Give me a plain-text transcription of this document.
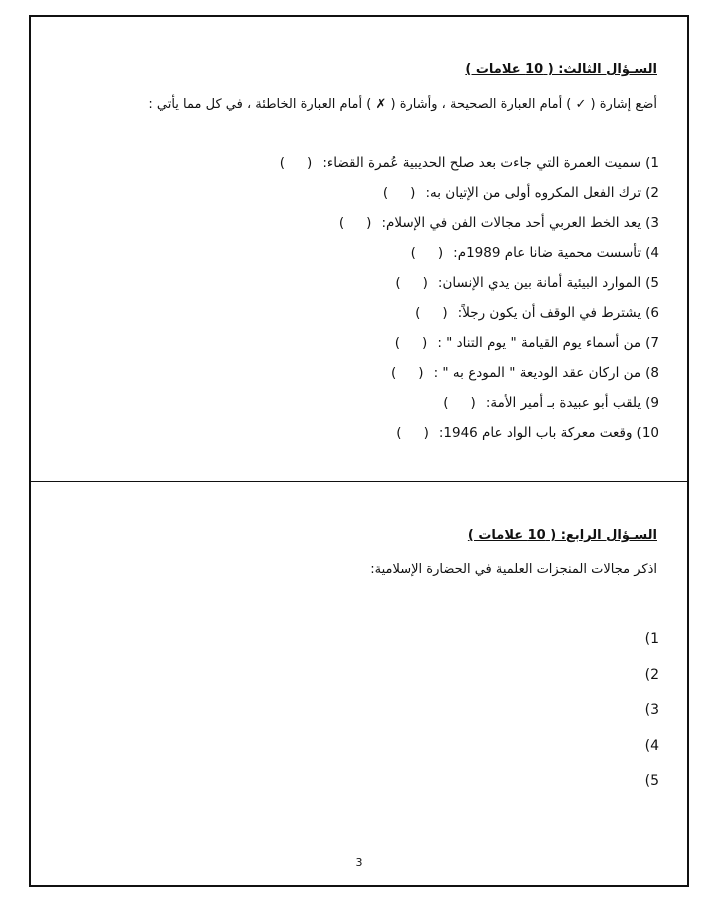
السـؤال الثالث: ( 10 علامات )
أضع إشارة ( ✓ ) أمام العبارة الصحيحة ، وأشارة ( ✗ ) أمام العبارة الخاطئة ، في كل مما يأتي :
1)سميت العمرة التي جاءت بعد صلح الحديبية عُمرة القضاء:()
2)ترك الفعل المكروه أولى من الإتيان به:()
3)يعد الخط العربي أحد مجالات الفن في الإسلام:()
4)تأسست محمية ضانا عام 1989م:()
5)الموارد البيئية أمانة بين يدي الإنسان:()
6)يشترط في الوقف أن يكون رجلاً:()
7)من أسماء يوم القيامة " يوم التناد " :()
8)من اركان عقد الوديعة " المودع به " :()
9)يلقب أبو عبيدة بـ أمير الأمة:()
10)وقعت معركة باب الواد عام 1946:()
السـؤال الرابع: ( 10 علامات )
اذكر مجالات المنجزات العلمية في الحضارة الإسلامية:
1)
2)
3)
4)
5)
3
